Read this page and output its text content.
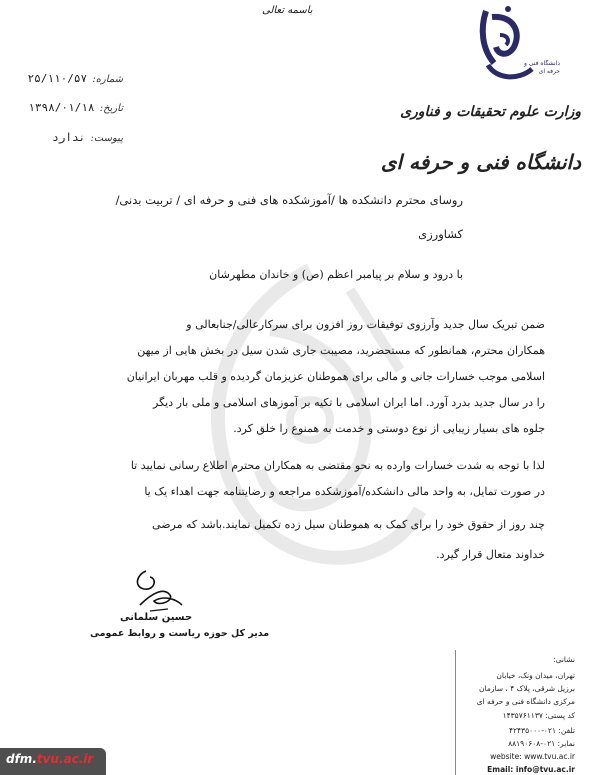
باسمه تعالی
شماره: ۲۵/۱۱۰/۵۷
تاریخ: ۱۳۹۸/۰۱/۱۸
پیوست: ندارد
دانشگاه فنی و حرفه ای
وزارت علوم تحقیقات و فناوری
دانشگاه فنی و حرفه ای
روسای محترم دانشکده ها /آموزشکده های فنی و حرفه ای / تربیت بدنی/
کشاورزی
با درود و سلام بر پیامبر اعظم (ص) و خاندان مطهرشان
ضمن تبریک سال جدید وآرزوی توفیقات روز افزون برای سرکارعالی/جنابعالی و
همکاران محترم، همانطور که مستحضرید، مصیبت جاری شدن سیل در بخش هایی از میهن
اسلامی موجب خسارات جانی و مالی برای هموطنان عزیزمان گردیده و قلب مهربان ایرانیان
را در سال جدید بدرد آورد. اما ایران اسلامی با تکیه بر آموزهای اسلامی و ملی بار دیگر
جلوه های بسیار زیبایی از نوع دوستی و خدمت به همنوع را خلق کرد.
لذا با توجه به شدت خسارات وارده به نحو مقتضی به همکاران محترم اطلاع رسانی نمایید تا
در صورت تمایل، به واحد مالی دانشکده/آموزشکده مراجعه و رضایتنامه جهت اهداء یک یا
چند روز از حقوق خود را برای کمک به هموطنان سیل زده تکمیل نمایند.باشد که مرضی
خداوند متعال قرار گیرد.
حسین سلمانی
مدیر کل حوزه ریاست و روابط عمومی
نشانی:
تهران، میدان ونک، خیابان
برزیل شرقی، پلاک ۴ ، سازمان
مرکزی دانشگاه فنی و حرفه ای
کد پستی: ۱۴۳۵۷۶۱۱۳۷
تلفن: ۰۲۱-۴۲۴۳۵۰۰۰
نمابر: ۰۲۱-۸۸۱۹۰۶۰۸
website: www.tvu.ac.ir
Email: info@tvu.ac.ir
dfm.tvu.ac.ir
